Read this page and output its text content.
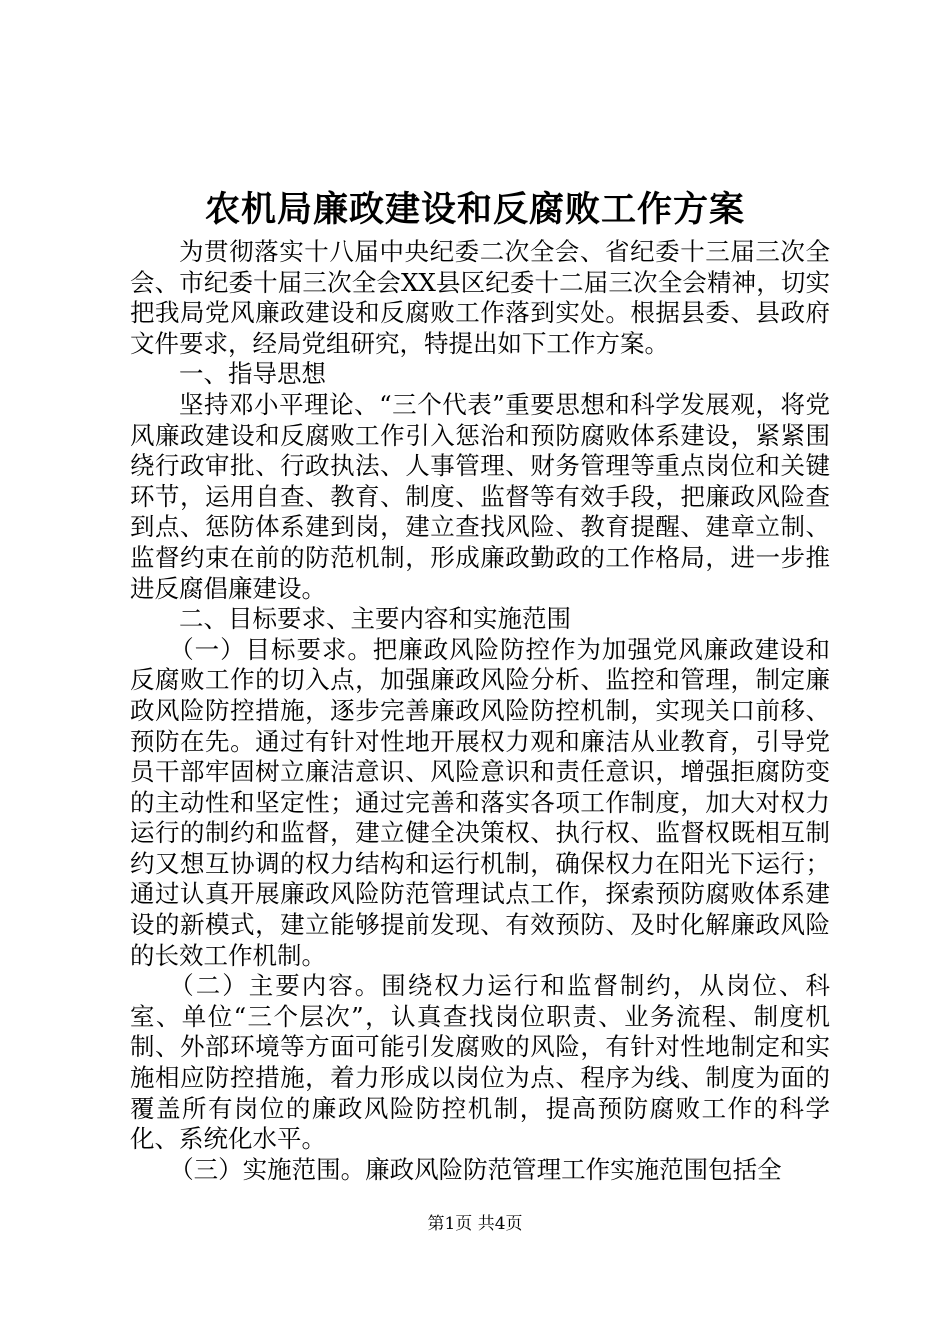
农机局廉政建设和反腐败工作方案

为贯彻落实十八届中央纪委二次全会、省纪委十三届三次全会、市纪委十届三次全会XX县区纪委十二届三次全会精神，切实把我局党风廉政建设和反腐败工作落到实处。根据县委、县政府文件要求，经局党组研究，特提出如下工作方案。

一、指导思想

坚持邓小平理论、“三个代表”重要思想和科学发展观，将党风廉政建设和反腐败工作引入惩治和预防腐败体系建设，紧紧围绕行政审批、行政执法、人事管理、财务管理等重点岗位和关键环节，运用自查、教育、制度、监督等有效手段，把廉政风险查到点、惩防体系建到岗，建立查找风险、教育提醒、建章立制、监督约束在前的防范机制，形成廉政勤政的工作格局，进一步推进反腐倡廉建设。

二、目标要求、主要内容和实施范围

（一）目标要求。把廉政风险防控作为加强党风廉政建设和反腐败工作的切入点，加强廉政风险分析、监控和管理，制定廉政风险防控措施，逐步完善廉政风险防控机制，实现关口前移、预防在先。通过有针对性地开展权力观和廉洁从业教育，引导党员干部牢固树立廉洁意识、风险意识和责任意识，增强拒腐防变的主动性和坚定性；通过完善和落实各项工作制度，加大对权力运行的制约和监督，建立健全决策权、执行权、监督权既相互制约又想互协调的权力结构和运行机制，确保权力在阳光下运行；通过认真开展廉政风险防范管理试点工作，探索预防腐败体系建设的新模式，建立能够提前发现、有效预防、及时化解廉政风险的长效工作机制。

（二）主要内容。围绕权力运行和监督制约，从岗位、科室、单位“三个层次”，认真查找岗位职责、业务流程、制度机制、外部环境等方面可能引发腐败的风险，有针对性地制定和实施相应防控措施，着力形成以岗位为点、程序为线、制度为面的覆盖所有岗位的廉政风险防控机制，提高预防腐败工作的科学化、系统化水平。

（三）实施范围。廉政风险防范管理工作实施范围包括全

第1页 共4页
